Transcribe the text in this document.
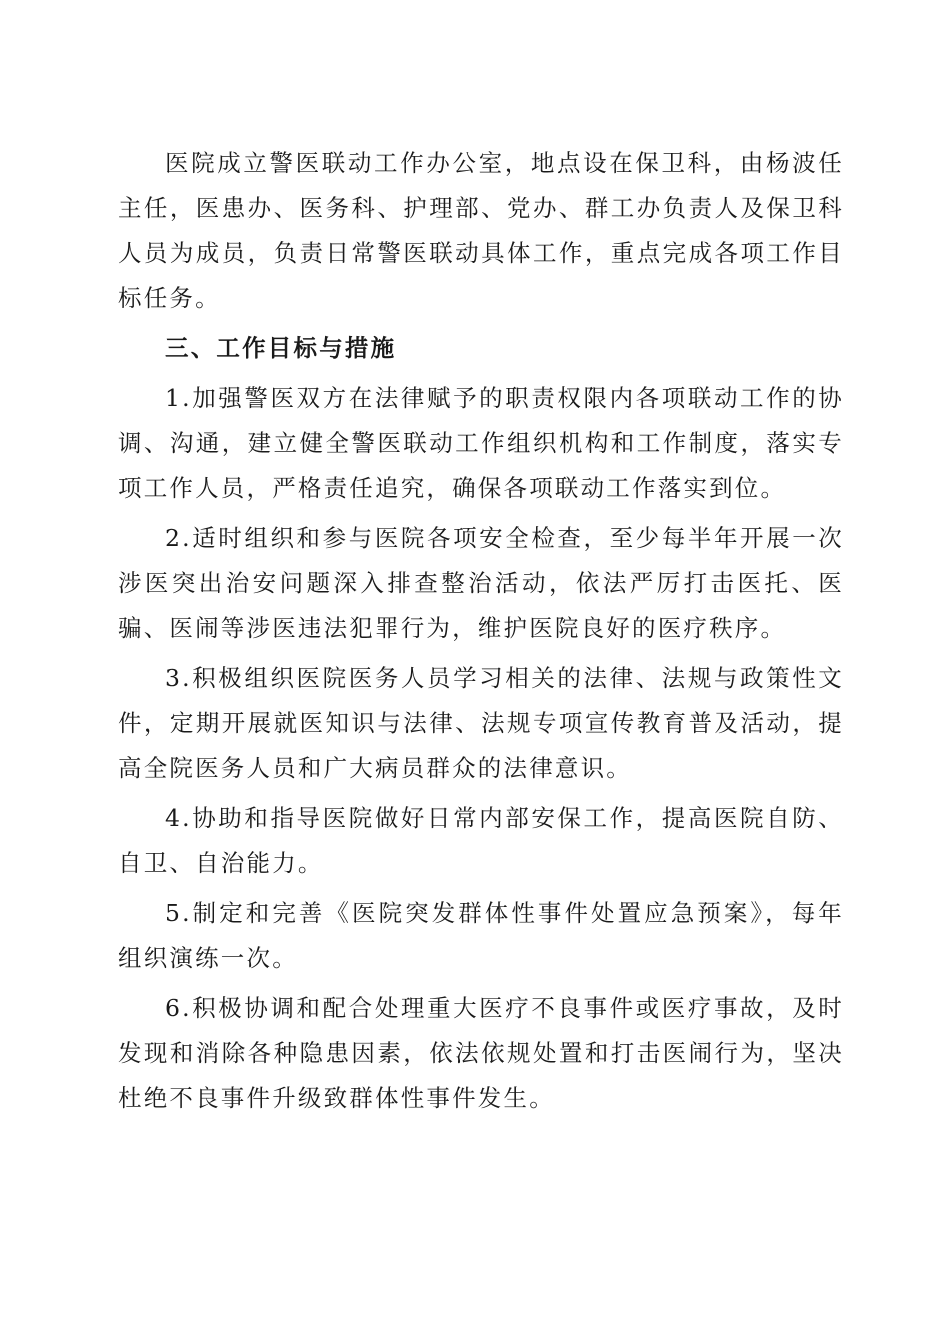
医院成立警医联动工作办公室，地点设在保卫科，由杨波任主任，医患办、医务科、护理部、党办、群工办负责人及保卫科人员为成员，负责日常警医联动具体工作，重点完成各项工作目标任务。

三、工作目标与措施

1.加强警医双方在法律赋予的职责权限内各项联动工作的协调、沟通，建立健全警医联动工作组织机构和工作制度，落实专项工作人员，严格责任追究，确保各项联动工作落实到位。

2.适时组织和参与医院各项安全检查，至少每半年开展一次涉医突出治安问题深入排查整治活动，依法严厉打击医托、医骗、医闹等涉医违法犯罪行为，维护医院良好的医疗秩序。

3.积极组织医院医务人员学习相关的法律、法规与政策性文件，定期开展就医知识与法律、法规专项宣传教育普及活动，提高全院医务人员和广大病员群众的法律意识。

4.协助和指导医院做好日常内部安保工作，提高医院自防、自卫、自治能力。

5.制定和完善《医院突发群体性事件处置应急预案》，每年组织演练一次。

6.积极协调和配合处理重大医疗不良事件或医疗事故，及时发现和消除各种隐患因素，依法依规处置和打击医闹行为，坚决杜绝不良事件升级致群体性事件发生。
